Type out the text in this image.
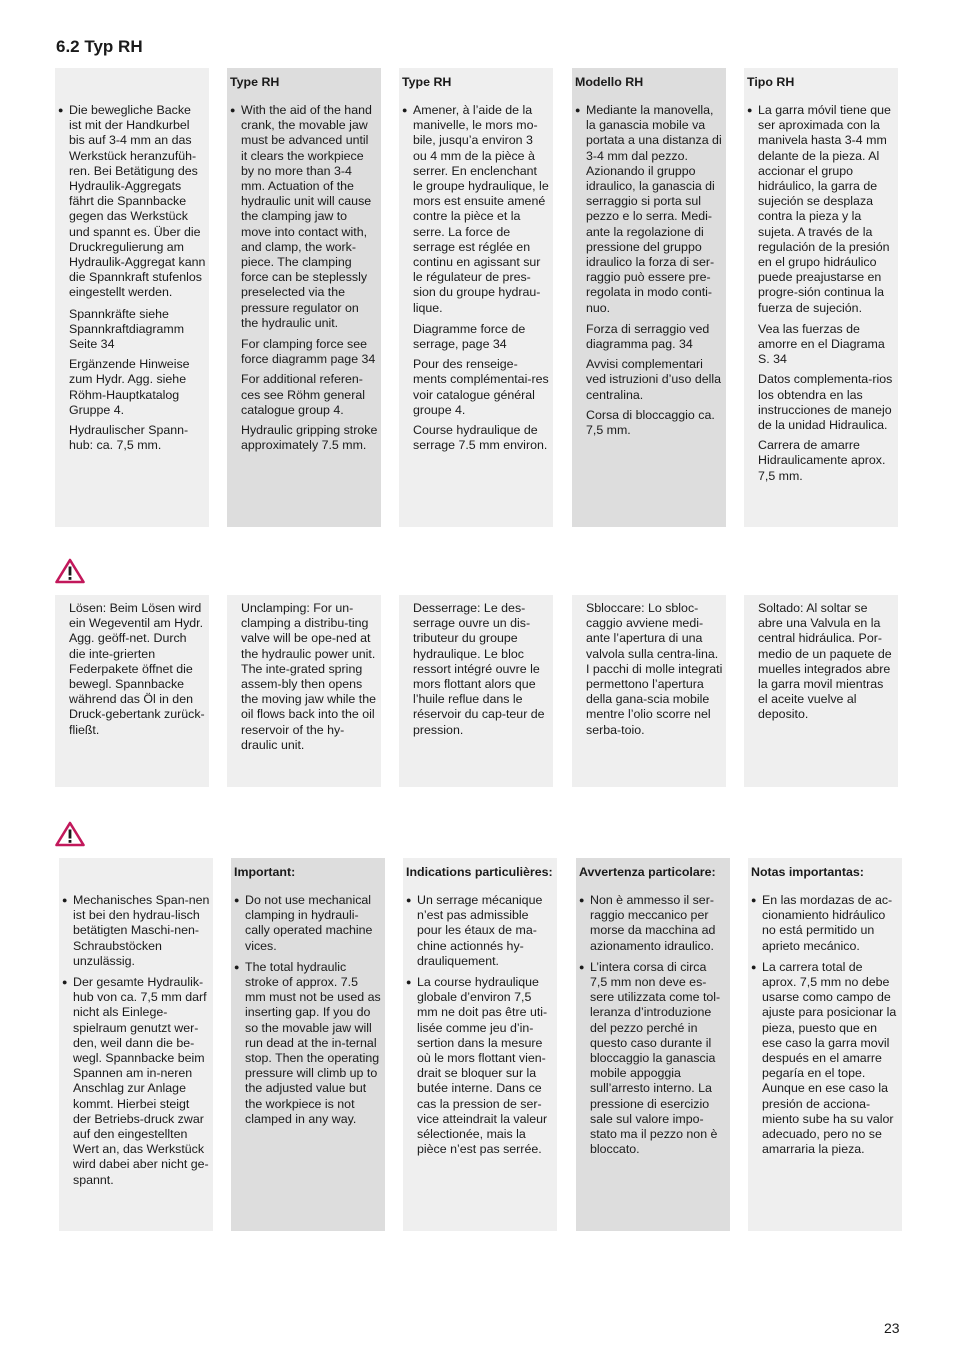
6.2 Typ RH
● Die bewegliche Backe ist mit der Handkurbel bis auf 3-4 mm an das Werkstück heranzufüh-ren. Bei Betätigung des Hydraulik-Aggregats fährt die Spannbacke gegen das Werkstück und spannt es. Über die Druckregulierung am Hydraulik-Aggregat kann die Spannkraft stufenlos eingestellt werden.

Spannkräfte siehe Spannkraftdiagramm Seite 34

Ergänzende Hinweise zum Hydr. Agg. siehe Röhm-Hauptkatalog Gruppe 4.

Hydraulischer Spann-hub: ca. 7,5 mm.

Type RH
● With the aid of the hand crank, the movable jaw must be advanced until it clears the workpiece by no more than 3-4 mm. Actuation of the hydraulic unit will cause the clamping jaw to move into contact with, and clamp, the work-piece. The clamping force can be steplessly preselected via the pressure regulator on the hydraulic unit.

For clamping force see force diagramm page 34

For additional referen-ces see Röhm general catalogue group 4.

Hydraulic gripping stroke approximately 7.5 mm.

Type RH
● Amener, à l’aide de la manivelle, le mors mo-bile, jusqu’a environ 3 ou 4 mm de la pièce à serrer. En enclenchant le groupe hydraulique, le mors est ensuite amené contre la pièce et la serre. La force de serrage est réglée en continu en agissant sur le régulateur de pres-sion du groupe hydrau-lique.

Diagramme force de serrage, page 34

Pour des renseige-ments complémentai-res voir catalogue général groupe 4.

Course hydraulique de serrage 7.5 mm environ.

Modello RH
● Mediante la manovella, la ganascia mobile va portata a una distanza di 3-4 mm dal pezzo. Azionando il gruppo idraulico, la ganascia di serraggio si porta sul pezzo e lo serra. Medi-ante la regolazione di pressione del gruppo idraulico la forza di ser-raggio può essere pre-regolata in modo conti-nuo.

Forza di serraggio ved diagramma pag. 34

Avvisi complementari ved istruzioni d’uso della centralina.

Corsa di bloccaggio ca. 7,5 mm.

Tipo RH
● La garra móvil tiene que ser aproximada con la manivela hasta 3-4 mm delante de la pieza. Al accionar el grupo hidráulico, la garra de sujeción se desplaza contra la pieza y la sujeta. A través de la regulación de la presión en el grupo hidráulico puede preajustarse en progre-sión continua la fuerza de sujeción.

Vea las fuerzas de amorre en el Diagrama S. 34

Datos complementa-rios los obtendra en las instrucciones de manejo de la unidad Hidraulica.

Carrera de amarre Hidraulicamente aprox. 7,5 mm.

Lösen: Beim Lösen wird ein Wegeventil am Hydr. Agg. geöff-net. Durch die inte-grierten Federpakete öffnet die bewegl. Spannbacke während das Öl in den Druck-gebertank zurück-fließt.

Unclamping: For un-clamping a distribu-ting valve will be ope-ned at the hydraulic power unit. The inte-grated spring assem-bly then opens the moving jaw while the oil flows back into the oil reservoir of the hy-draulic unit.

Desserrage: Le des-serrage ouvre un dis-tributeur du groupe hydraulique. Le bloc ressort intégré ouvre le mors flottant alors que l’huile reflue dans le réservoir du cap-teur de pression.

Sbloccare: Lo sbloc-caggio avviene medi-ante l’apertura di una valvola sulla centra-lina. I pacchi di molle integrati permettono l’apertura della gana-scia mobile mentre l’olio scorre nel serba-toio.

Soltado: Al soltar se abre una Valvula en la central hidráulica. Por-medio de un paquete de muelles integrados abre la garra movil mientras el aceite vuelve al deposito.

● Mechanisches Span-nen ist bei den hydrau-lisch betätigten Maschi-nen-Schraubstöcken unzulässig.
● Der gesamte Hydraulik-hub von ca. 7,5 mm darf nicht als Einlege-spielraum genutzt wer-den, weil dann die be-wegl. Spannbacke beim Spannen am in-neren Anschlag zur Anlage kommt. Hierbei steigt der Betriebs-druck zwar auf den eingestellten Wert an, das Werkstück wird dabei aber nicht ge-spannt.
Important:
● Do not use mechanical clamping in hydrauli-cally operated machine vices.
● The total hydraulic stroke of approx. 7.5 mm must not be used as inserting gap. If you do so the movable jaw will run dead at the in-ternal stop. Then the operating pressure will climb up to the adjusted value but the workpiece is not clamped in any way.
Indications particulières:
● Un serrage mécanique n’est pas admissible pour les étaux de ma-chine actionnés hy-drauliquement.
● La course hydraulique globale d’environ 7,5 mm ne doit pas être uti-lisée comme jeu d’in-sertion dans la mesure où le mors flottant vien-drait se bloquer sur la butée interne. Dans ce cas la pression de ser-vice atteindrait la valeur sélectionée, mais la pièce n’est pas serrée.
Avvertenza particolare:
● Non è ammesso il ser-raggio meccanico per morse da macchina ad azionamento idraulico.
● L’intera corsa di circa 7,5 mm non deve es-sere utilizzata come tol-leranza d’introduzione del pezzo perché in questo caso durante il bloccaggio la ganascia mobile appoggia sull’arresto interno. La pressione di esercizio sale sul valore impo-stato ma il pezzo non è bloccato.
Notas importantas:
● En las mordazas de ac-cionamiento hidráulico no está permitido un aprieto mecánico.
● La carrera total de aprox. 7,5 mm no debe usarse como campo de ajuste para posicionar la pieza, puesto que en ese caso la garra movil después en el amarre pegaría en el tope. Aunque en ese caso la presión de acciona-miento sube ha su valor adecuado, pero no se amarraria la pieza.
23
